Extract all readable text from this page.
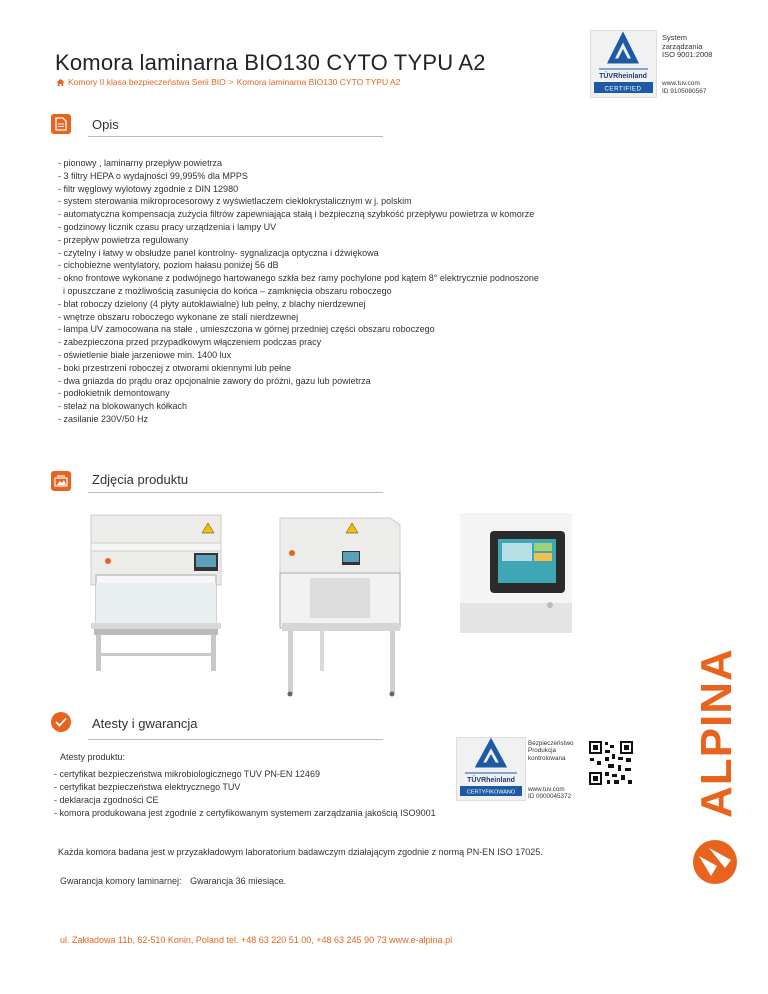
Komora laminarna BIO130 CYTO TYPU A2
Komory II klasa bezpieczeństwa Serii BIO > Komora laminarna BIO130 CYTO TYPU A2
TÜVRheinland
CERTIFIED
System
zarządzania
ISO 9001:2008
www.tuv.com
ID 9105080567
Opis
- pionowy , laminarny przepływ powietrza
- 3 filtry HEPA o wydajności 99,995% dla MPPS
- filtr węglowy wylotowy zgodnie z DIN 12980
- system sterowania mikroprocesorowy z wyświetlaczem ciekłokrystalicznym w j. polskim
- automatyczna kompensacja zużycia filtrów zapewniająca stałą i bezpieczną szybkość przepływu powietrza w komorze
- godzinowy licznik czasu pracy urządzenia i lampy UV
- przepływ powietrza regulowany
- czytelny i łatwy w obsłudze panel kontrolny- sygnalizacja optyczna i dźwiękowa
- cichobieżne wentylatory, poziom hałasu poniżej 56 dB
- okno frontowe wykonane z podwójnego hartowanego szkła bez ramy pochylone pod kątem 8° elektrycznie podnoszone
i opuszczane z możliwością zasunięcia do końca – zamknięcia obszaru roboczego
- blat roboczy dzielony (4 płyty autoklawialne) lub pełny, z blachy nierdzewnej
- wnętrze obszaru roboczego wykonane ze stali nierdzewnej
- lampa UV zamocowana na stałe , umieszczona w górnej przedniej części obszaru roboczego
- zabezpieczona przed przypadkowym włączeniem podczas pracy
- oświetlenie białe jarzeniowe min. 1400 lux
- boki przestrzeni roboczej z otworami okiennymi lub pełne
- dwa gniazda do prądu oraz opcjonalnie zawory do próżni, gazu lub powietrza
- podłokietnik demontowany
- stelaż na blokowanych kółkach
- zasilanie 230V/50 Hz
Zdjęcia produktu
Atesty i gwarancja
Atesty produktu:
- certyfikat bezpieczeństwa mikrobiologicznego TUV PN-EN 12469
- certyfikat bezpieczeństwa elektrycznego TUV
- deklaracja zgodności CE
- komora produkowana jest zgodnie z certyfikowanym systemem zarządzania jakością ISO9001
TÜVRheinland
CERTYFIKOWANO
Bezpieczeństwo
Produkcja
kontrolowana
www.tuv.com
ID 0000045372
Każda komora badana jest w przyzakładowym laboratorium badawczym działającym zgodnie z normą PN-EN ISO 17025.
Gwarancja komory laminarnej: Gwarancja 36 miesiące.
ul. Zakładowa 11b, 62-510 Konin, Poland tel. +48 63 220 51 00, +48 63 245 90 73 www.e-alpina.pl
ALPINA
